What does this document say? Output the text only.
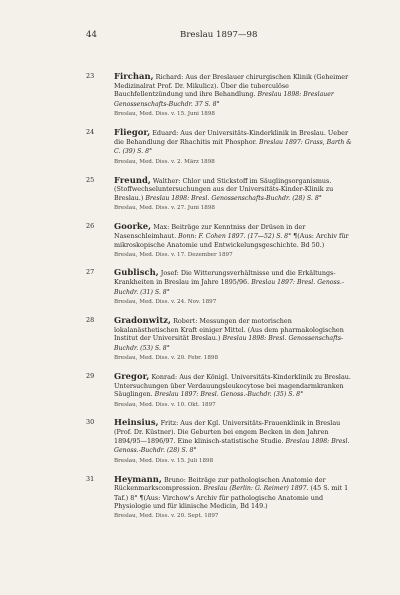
44	Breslau 1897—98
23 Firchan, Richard: Aus der Breslauer chirurgischen Klinik (Geheimer Medizinalrat Prof. Dr. Mikulicz). Über die tuberculöse Bauchfellentzündung und ihre Behandlung. Breslau 1898: Breslauer Genossenschafts-Buchdr. 37 S. 8°
Breslau, Med. Diss. v. 15. Juni 1898
24 Fliegor, Eduard: Aus der Universitäts-Kinderklinik in Breslau. Ueber die Behandlung der Rhachitis mit Phosphor. Breslau 1897: Grass, Barth & C. (39) S. 8°
Breslau, Med. Diss. v. 2. März 1898
25 Freund, Walther: Chlor und Stickstoff im Säuglingsorganismus. (Stoffwechseluntersuchungen aus der Universitäts-Kinder-Klinik zu Breslau.) Breslau 1898: Bresl. Genossenschafts-Buchdr. (28) S. 8°
Breslau, Med. Diss. v. 27. Juni 1898
26 Goorke, Max: Beiträge zur Kenntniss der Drüsen in der Nasenschleimhaut. Bonn: F. Cohen 1897. (17—52) S. 8° ¶(Aus: Archiv für mikroskopische Anatomie und Entwickelungsgeschichte. Bd 50.)
Breslau, Med. Diss. v. 17. Dezember 1897
27 Gublisch, Josef: Die Witterungsverhältnisse und die Erkältungs-Krankheiten in Breslau im Jahre 1895/96. Breslau 1897: Bresl. Genoss.-Buchdr. (31) S. 8°
Breslau, Med. Diss. v. 24. Nov. 1897
28 Gradonwitz, Robert: Messungen der motorischen lokalanästhetischen Kraft einiger Mittel. (Aus dem pharmakologischen Institut der Universität Breslau.) Breslau 1898: Bresl. Genossenschafts-Buchdr. (53) S. 8°
Breslau, Med. Diss. v. 20. Febr. 1898
29 Gregor, Konrad: Aus der Königl. Universitäts-Kinderklinik zu Breslau. Untersuchungen über Verdauungsleukocytose bei magendarmkranken Säuglingen. Breslau 1897: Bresl. Genoss.-Buchdr. (35) S. 8°
Breslau, Med. Diss. v. 10. Okt. 1897
30 Heinsius, Fritz: Aus der Kgl. Universitäts-Frauenklinik in Breslau (Prof. Dr. Küstner). Die Geburten bei engem Becken in den Jahren 1894/95—1896/97. Eine klinisch-statistische Studie. Breslau 1898: Bresl. Genoss.-Buchdr. (28) S. 8°
Breslau, Med. Diss. v. 15. Juli 1898
31 Heymann, Bruno: Beiträge zur pathologischen Anatomie der Rückenmarkscompression. Breslau (Berlin: G. Reimer) 1897. (45 S. mit 1 Taf.) 8° ¶(Aus: Virchow's Archiv für pathologische Anatomie und Physiologie und für klinische Medicin, Bd 149.)
Breslau, Med. Diss. v. 20. Sept. 1897
